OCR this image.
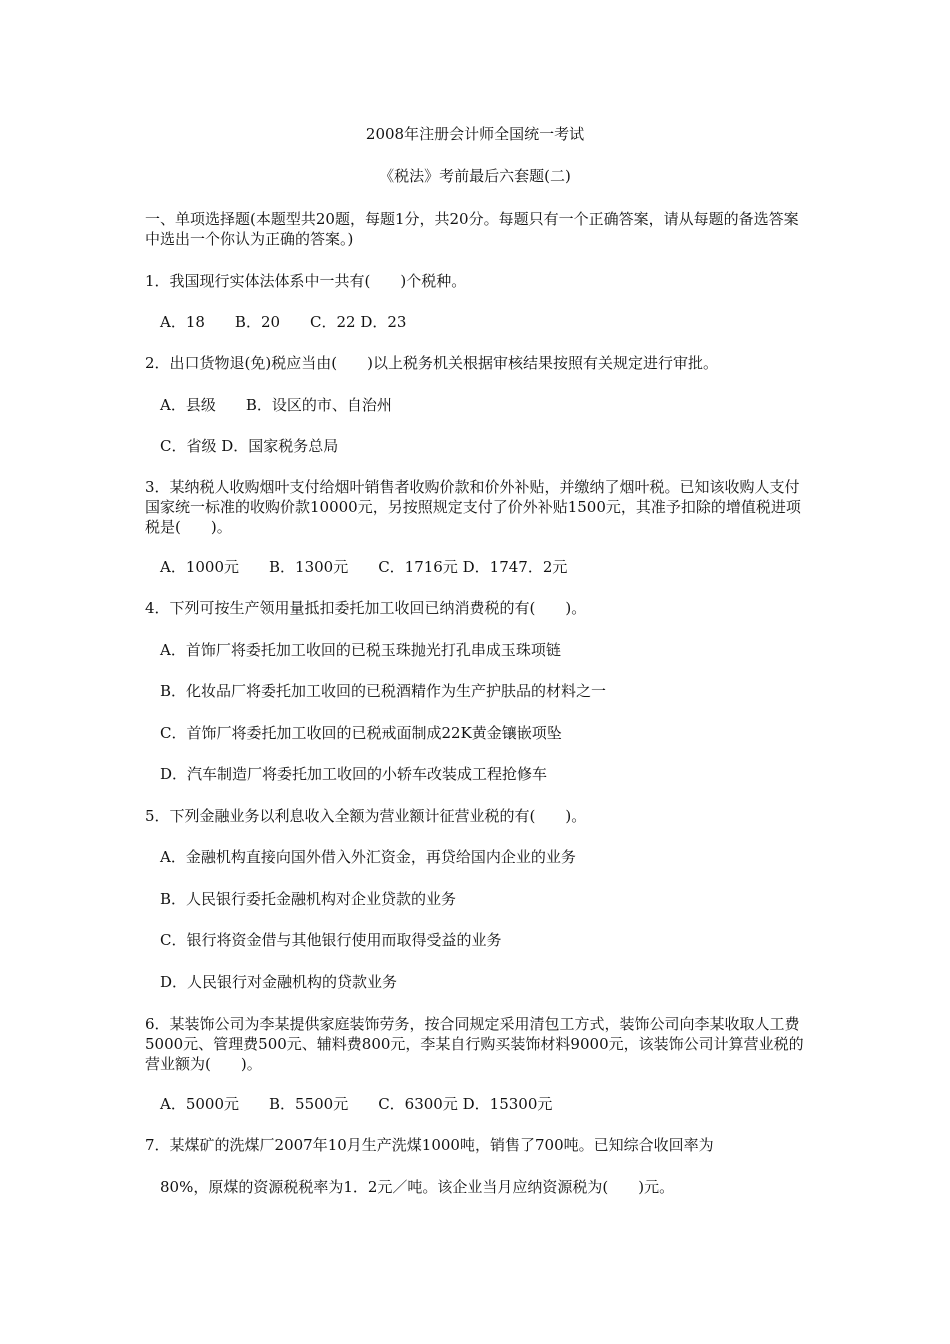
2008年注册会计师全国统一考试

《税法》考前最后六套题(二)

一、单项选择题(本题型共20题，每题1分，共20分。每题只有一个正确答案，请从每题的备选答案中选出一个你认为正确的答案。)

1．我国现行实体法体系中一共有(　　)个税种。

A．18　　B．20　　C．22 D．23

2．出口货物退(免)税应当由(　　)以上税务机关根据审核结果按照有关规定进行审批。

A．县级　　B．设区的市、自治州

C．省级 D．国家税务总局

3．某纳税人收购烟叶支付给烟叶销售者收购价款和价外补贴，并缴纳了烟叶税。已知该收购人支付国家统一标准的收购价款10000元，另按照规定支付了价外补贴1500元，其准予扣除的增值税进项税是(　　)。

A．1000元　　B．1300元　　C．1716元 D．1747．2元

4．下列可按生产领用量抵扣委托加工收回已纳消费税的有(　　)。

A．首饰厂将委托加工收回的已税玉珠抛光打孔串成玉珠项链

B．化妆品厂将委托加工收回的已税酒精作为生产护肤品的材料之一

C．首饰厂将委托加工收回的已税戒面制成22K黄金镶嵌项坠

D．汽车制造厂将委托加工收回的小轿车改装成工程抢修车

5．下列金融业务以利息收入全额为营业额计征营业税的有(　　)。

A．金融机构直接向国外借入外汇资金，再贷给国内企业的业务

B．人民银行委托金融机构对企业贷款的业务

C．银行将资金借与其他银行使用而取得受益的业务

D．人民银行对金融机构的贷款业务

6．某装饰公司为李某提供家庭装饰劳务，按合同规定采用清包工方式，装饰公司向李某收取人工费5000元、管理费500元、辅料费800元，李某自行购买装饰材料9000元，该装饰公司计算营业税的营业额为(　　)。

A．5000元　　B．5500元　　C．6300元 D．15300元

7．某煤矿的洗煤厂2007年10月生产洗煤1000吨，销售了700吨。已知综合收回率为

80%，原煤的资源税税率为1．2元／吨。该企业当月应纳资源税为(　　)元。
